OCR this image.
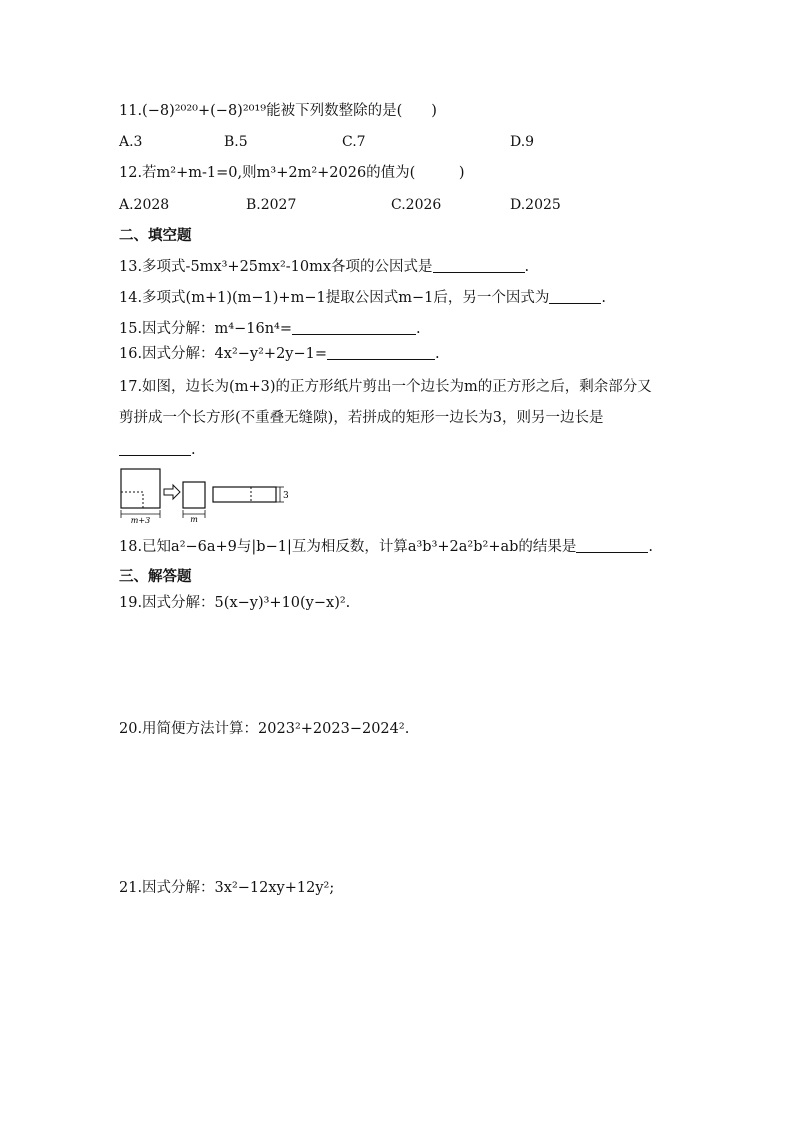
11.(−8)²⁰²⁰+(−8)²⁰¹⁹能被下列数整除的是(　　)
A.3	B.5	C.7	D.9
12.若m²+m-1=0,则m³+2m²+2026的值为(　　　)
A.2028	B.2027	C.2026	D.2025
二、填空题
13.多项式-5mx³+25mx²-10mx各项的公因式是	.
14.多项式(m+1)(m−1)+m−1提取公因式m−1后，另一个因式为	.
15.因式分解：m⁴−16n⁴=	.
16.因式分解：4x²−y²+2y−1=	.
17.如图，边长为(m+3)的正方形纸片剪出一个边长为m的正方形之后，剩余部分又
剪拼成一个长方形(不重叠无缝隙)，若拼成的矩形一边长为3，则另一边长是
.
m+3	m
3
18.已知a²−6a+9与|b−1|互为相反数，计算a³b³+2a²b²+ab的结果是	.
三、解答题
19.因式分解：5(x−y)³+10(y−x)².
20.用简便方法计算：2023²+2023−2024².
21.因式分解：3x²−12xy+12y²;
